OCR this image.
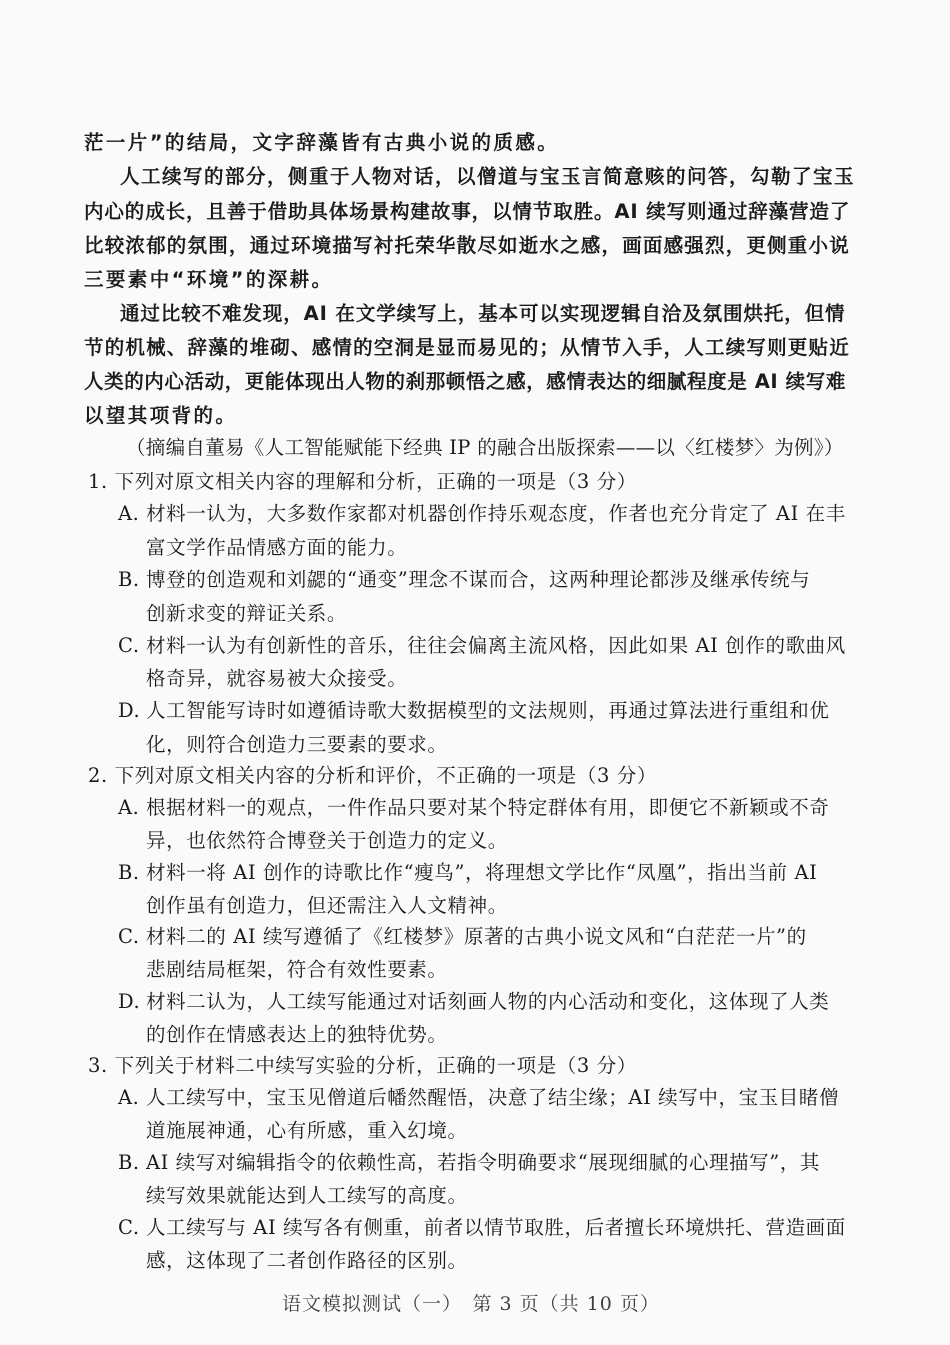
茫一片”的结局，文字辞藻皆有古典小说的质感。
人工续写的部分，侧重于人物对话，以僧道与宝玉言简意赅的问答，勾勒了宝玉
内心的成长，且善于借助具体场景构建故事，以情节取胜。AI 续写则通过辞藻营造了
比较浓郁的氛围，通过环境描写衬托荣华散尽如逝水之感，画面感强烈，更侧重小说
三要素中“环境”的深耕。
通过比较不难发现，AI 在文学续写上，基本可以实现逻辑自洽及氛围烘托，但情
节的机械、辞藻的堆砌、感情的空洞是显而易见的；从情节入手，人工续写则更贴近
人类的内心活动，更能体现出人物的刹那顿悟之感，感情表达的细腻程度是 AI 续写难
以望其项背的。
（摘编自董易《人工智能赋能下经典 IP 的融合出版探索——以〈红楼梦〉为例》）
1. 下列对原文相关内容的理解和分析，正确的一项是（3 分）
A. 材料一认为，大多数作家都对机器创作持乐观态度，作者也充分肯定了 AI 在丰
富文学作品情感方面的能力。
B. 博登的创造观和刘勰的“通变”理念不谋而合，这两种理论都涉及继承传统与
创新求变的辩证关系。
C. 材料一认为有创新性的音乐，往往会偏离主流风格，因此如果 AI 创作的歌曲风
格奇异，就容易被大众接受。
D. 人工智能写诗时如遵循诗歌大数据模型的文法规则，再通过算法进行重组和优
化，则符合创造力三要素的要求。
2. 下列对原文相关内容的分析和评价，不正确的一项是（3 分）
A. 根据材料一的观点，一件作品只要对某个特定群体有用，即便它不新颖或不奇
异，也依然符合博登关于创造力的定义。
B. 材料一将 AI 创作的诗歌比作“瘦鸟”，将理想文学比作“凤凰”，指出当前 AI
创作虽有创造力，但还需注入人文精神。
C. 材料二的 AI 续写遵循了《红楼梦》原著的古典小说文风和“白茫茫一片”的
悲剧结局框架，符合有效性要素。
D. 材料二认为，人工续写能通过对话刻画人物的内心活动和变化，这体现了人类
的创作在情感表达上的独特优势。
3. 下列关于材料二中续写实验的分析，正确的一项是（3 分）
A. 人工续写中，宝玉见僧道后幡然醒悟，决意了结尘缘；AI 续写中，宝玉目睹僧
道施展神通，心有所感，重入幻境。
B. AI 续写对编辑指令的依赖性高，若指令明确要求“展现细腻的心理描写”，其
续写效果就能达到人工续写的高度。
C. 人工续写与 AI 续写各有侧重，前者以情节取胜，后者擅长环境烘托、营造画面
感，这体现了二者创作路径的区别。
语文模拟测试（一）　第 3 页（共 10 页）
